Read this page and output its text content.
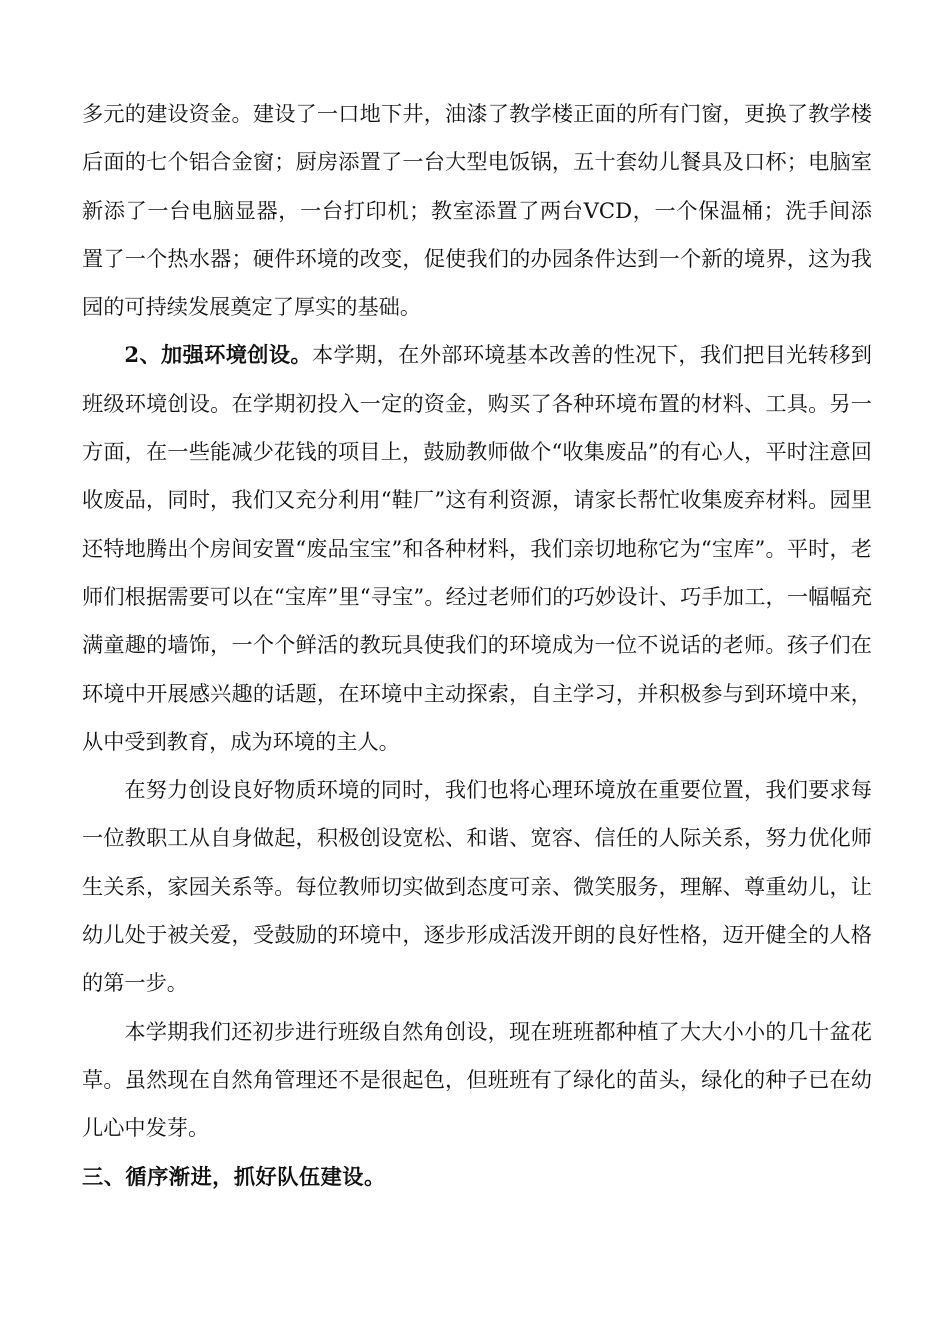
多元的建设资金。建设了一口地下井，油漆了教学楼正面的所有门窗，更换了教学楼后面的七个铝合金窗；厨房添置了一台大型电饭锅，五十套幼儿餐具及口杯；电脑室新添了一台电脑显器，一台打印机；教室添置了两台VCD，一个保温桶；洗手间添置了一个热水器；硬件环境的改变，促使我们的办园条件达到一个新的境界，这为我园的可持续发展奠定了厚实的基础。

2、加强环境创设。本学期，在外部环境基本改善的性况下，我们把目光转移到班级环境创设。在学期初投入一定的资金，购买了各种环境布置的材料、工具。另一方面，在一些能减少花钱的项目上，鼓励教师做个“收集废品”的有心人，平时注意回收废品，同时，我们又充分利用“鞋厂”这有利资源，请家长帮忙收集废弃材料。园里还特地腾出个房间安置“废品宝宝”和各种材料，我们亲切地称它为“宝库”。平时，老师们根据需要可以在“宝库”里“寻宝”。经过老师们的巧妙设计、巧手加工，一幅幅充满童趣的墙饰，一个个鲜活的教玩具使我们的环境成为一位不说话的老师。孩子们在环境中开展感兴趣的话题，在环境中主动探索，自主学习，并积极参与到环境中来，从中受到教育，成为环境的主人。

在努力创设良好物质环境的同时，我们也将心理环境放在重要位置，我们要求每一位教职工从自身做起，积极创设宽松、和谐、宽容、信任的人际关系，努力优化师生关系，家园关系等。每位教师切实做到态度可亲、微笑服务，理解、尊重幼儿，让幼儿处于被关爱，受鼓励的环境中，逐步形成活泼开朗的良好性格，迈开健全的人格的第一步。

本学期我们还初步进行班级自然角创设，现在班班都种植了大大小小的几十盆花草。虽然现在自然角管理还不是很起色，但班班有了绿化的苗头，绿化的种子已在幼儿心中发芽。

三、循序渐进，抓好队伍建设。
